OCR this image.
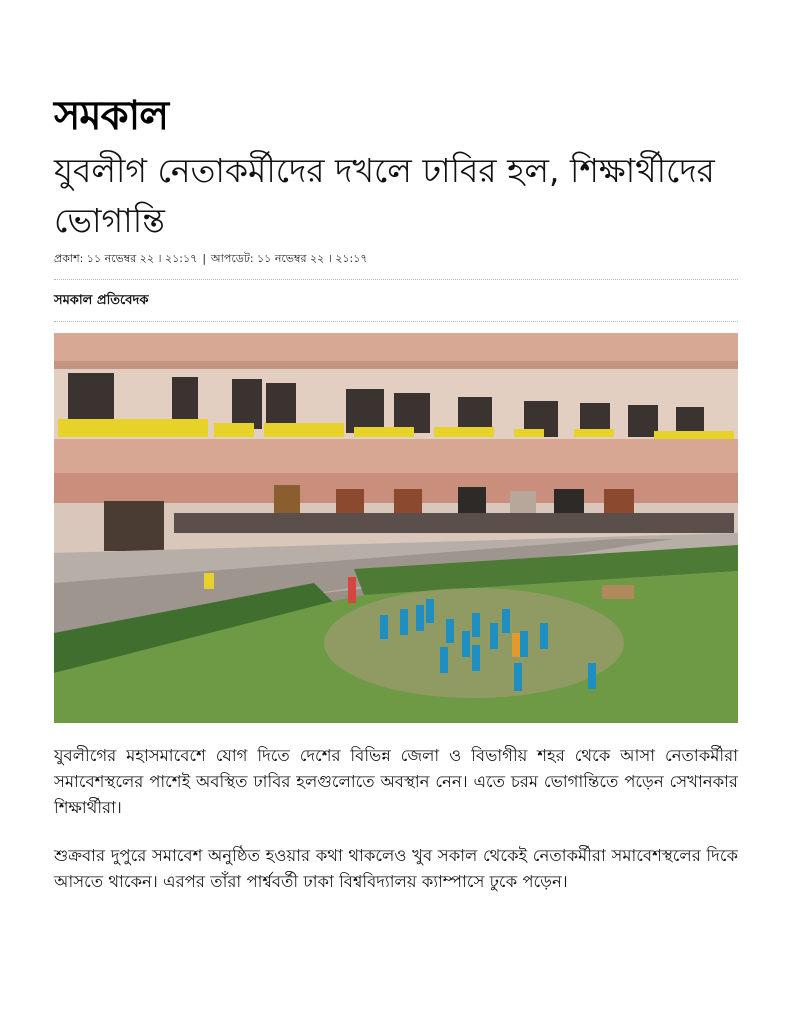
সমকাল
যুবলীগ নেতাকর্মীদের দখলে ঢাবির হল, শিক্ষার্থীদের ভোগান্তি
প্রকাশ: ১১ নভেম্বর ২২ । ২১:১৭ | আপডেট: ১১ নভেম্বর ২২ । ২১:১৭
সমকাল প্রতিবেদক

যুবলীগের মহাসমাবেশে যোগ দিতে দেশের বিভিন্ন জেলা ও বিভাগীয় শহর থেকে আসা নেতাকর্মীরা সমাবেশস্থলের পাশেই অবস্থিত ঢাবির হলগুলোতে অবস্থান নেন। এতে চরম ভোগান্তিতে পড়েন সেখানকার শিক্ষার্থীরা।

শুক্রবার দুপুরে সমাবেশ অনুষ্ঠিত হওয়ার কথা থাকলেও খুব সকাল থেকেই নেতাকর্মীরা সমাবেশস্থলের দিকে আসতে থাকেন। এরপর তাঁরা পার্শ্ববর্তী ঢাকা বিশ্ববিদ্যালয় ক্যাম্পাসে ঢুকে পড়েন।
